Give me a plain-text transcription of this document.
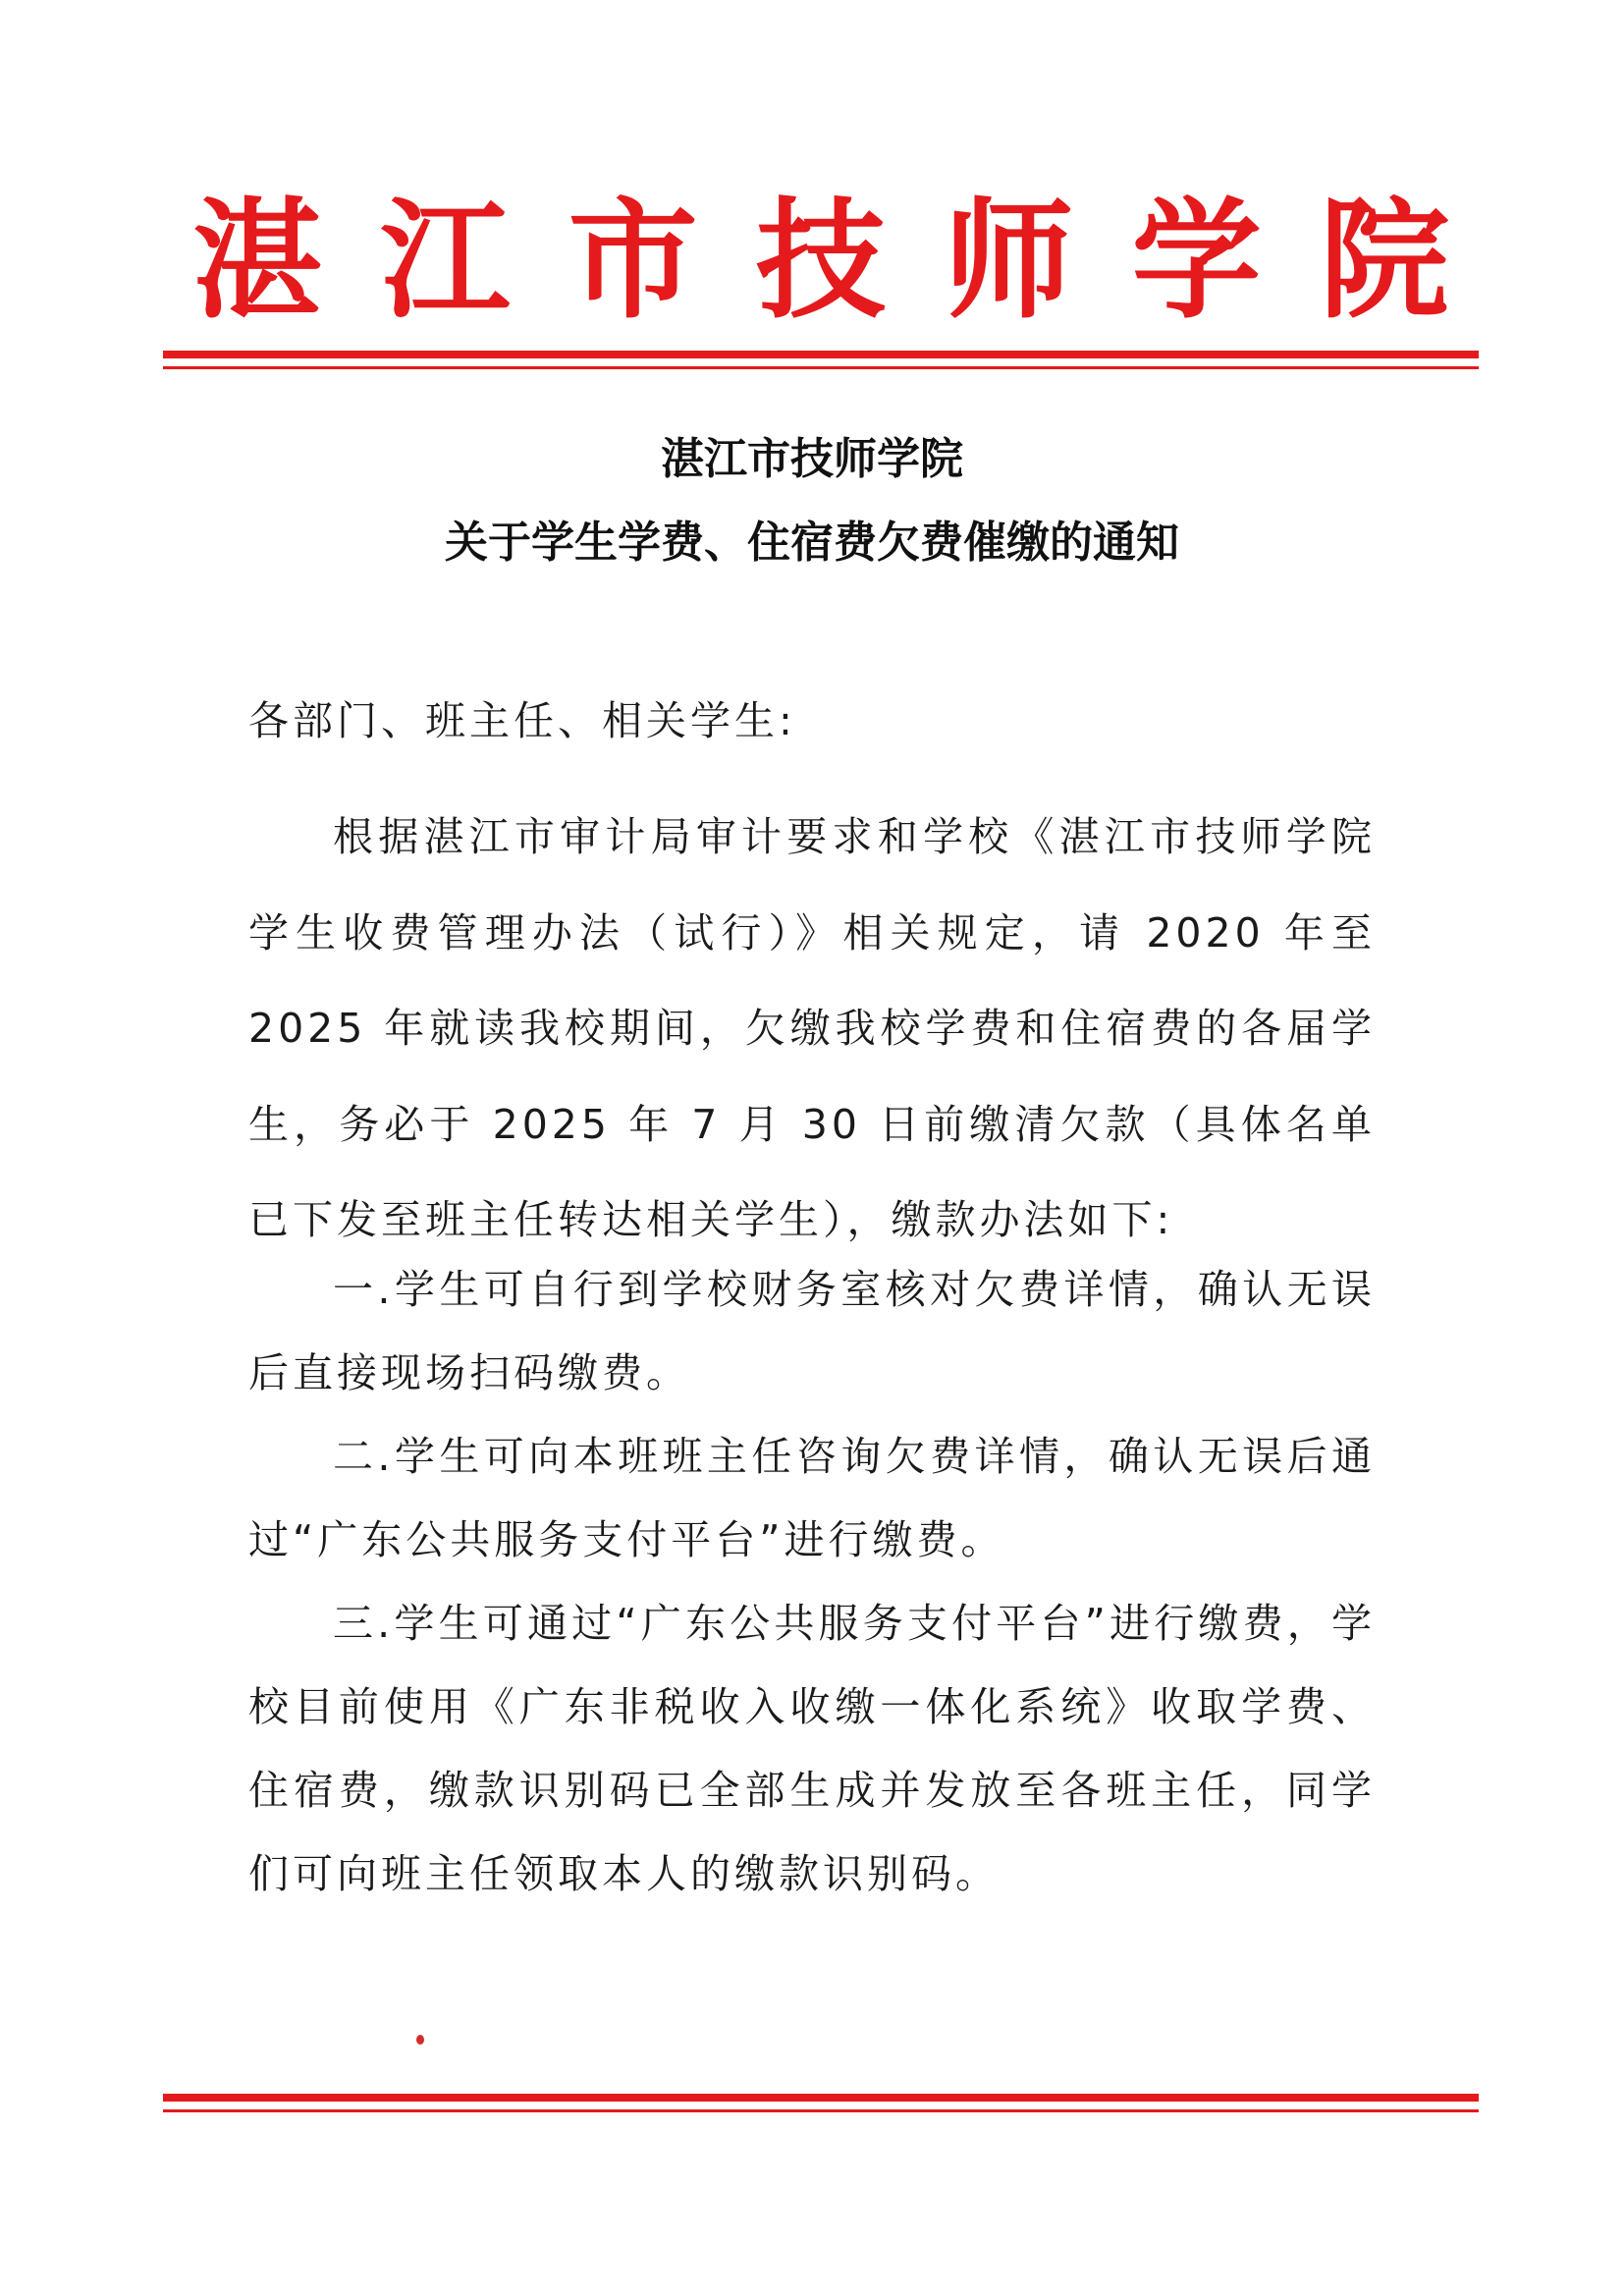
湛 江 市 技 师 学 院
湛江市技师学院
关于学生学费、住宿费欠费催缴的通知
各部门、班主任、相关学生:

根据湛江市审计局审计要求和学校《湛江市技师学院学生收费管理办法（试行）》相关规定，请 2020 年至 2025 年就读我校期间，欠缴我校学费和住宿费的各届学生，务必于 2025 年 7 月 30 日前缴清欠款（具体名单已下发至班主任转达相关学生），缴款办法如下:

一.学生可自行到学校财务室核对欠费详情，确认无误后直接现场扫码缴费。

二.学生可向本班班主任咨询欠费详情，确认无误后通过“广东公共服务支付平台”进行缴费。

三.学生可通过“广东公共服务支付平台”进行缴费，学校目前使用《广东非税收入收缴一体化系统》收取学费、住宿费，缴款识别码已全部生成并发放至各班主任，同学们可向班主任领取本人的缴款识别码。
